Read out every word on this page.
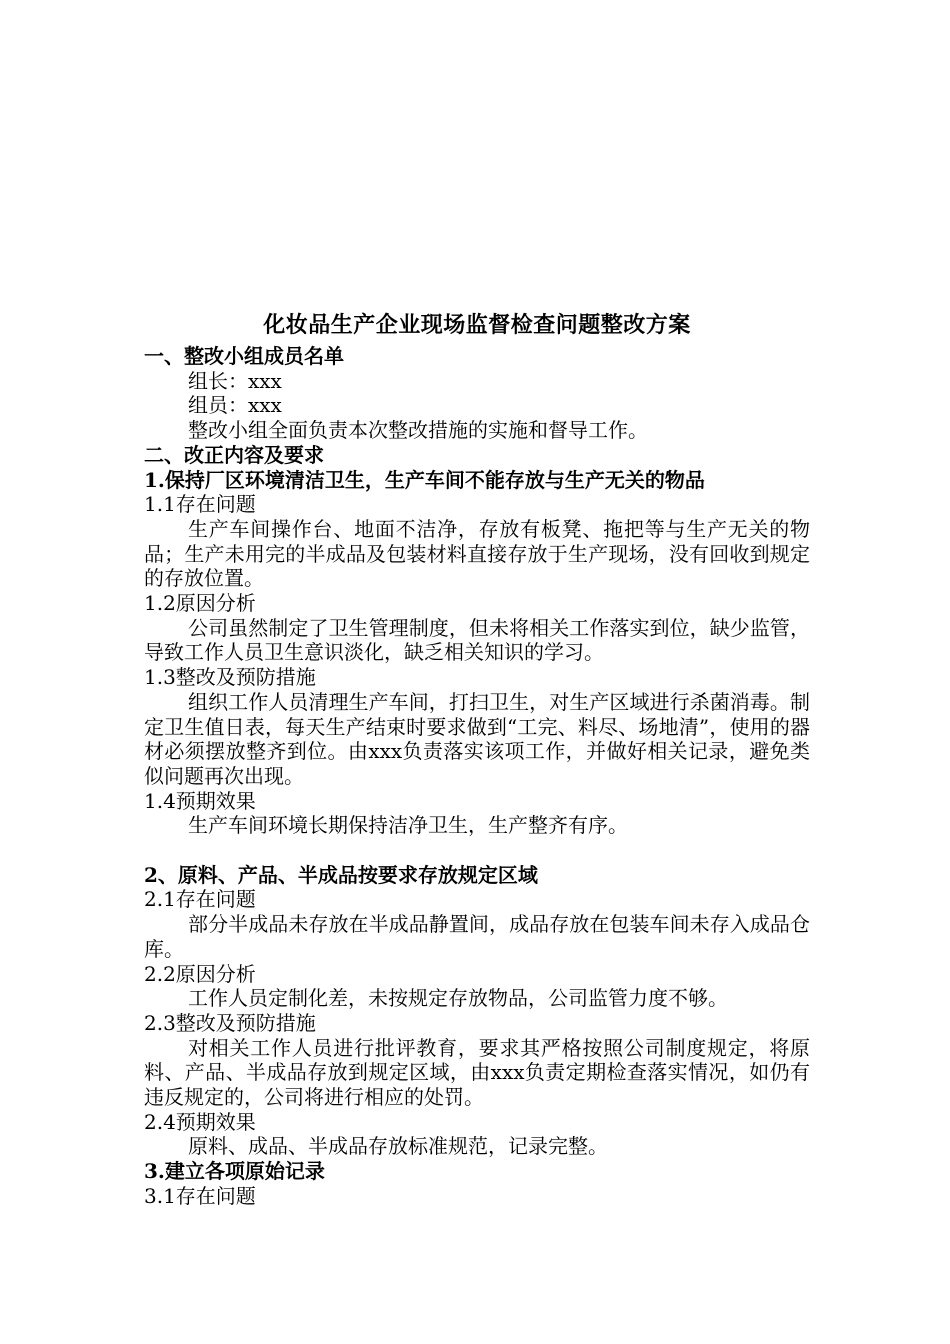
化妆品生产企业现场监督检查问题整改方案
一、整改小组成员名单
组长：xxx
组员：xxx
整改小组全面负责本次整改措施的实施和督导工作。
二、改正内容及要求
1.保持厂区环境清洁卫生，生产车间不能存放与生产无关的物品
1.1存在问题
生产车间操作台、地面不洁净，存放有板凳、拖把等与生产无关的物品；生产未用完的半成品及包装材料直接存放于生产现场，没有回收到规定的存放位置。
1.2原因分析
公司虽然制定了卫生管理制度，但未将相关工作落实到位，缺少监管，导致工作人员卫生意识淡化，缺乏相关知识的学习。
1.3整改及预防措施
组织工作人员清理生产车间，打扫卫生，对生产区域进行杀菌消毒。制定卫生值日表，每天生产结束时要求做到“工完、料尽、场地清”，使用的器材必须摆放整齐到位。由xxx负责落实该项工作，并做好相关记录，避免类似问题再次出现。
1.4预期效果
生产车间环境长期保持洁净卫生，生产整齐有序。
2、原料、产品、半成品按要求存放规定区域
2.1存在问题
部分半成品未存放在半成品静置间，成品存放在包装车间未存入成品仓库。
2.2原因分析
工作人员定制化差，未按规定存放物品，公司监管力度不够。
2.3整改及预防措施
对相关工作人员进行批评教育，要求其严格按照公司制度规定，将原料、产品、半成品存放到规定区域，由xxx负责定期检查落实情况，如仍有违反规定的，公司将进行相应的处罚。
2.4预期效果
原料、成品、半成品存放标准规范，记录完整。
3.建立各项原始记录
3.1存在问题
